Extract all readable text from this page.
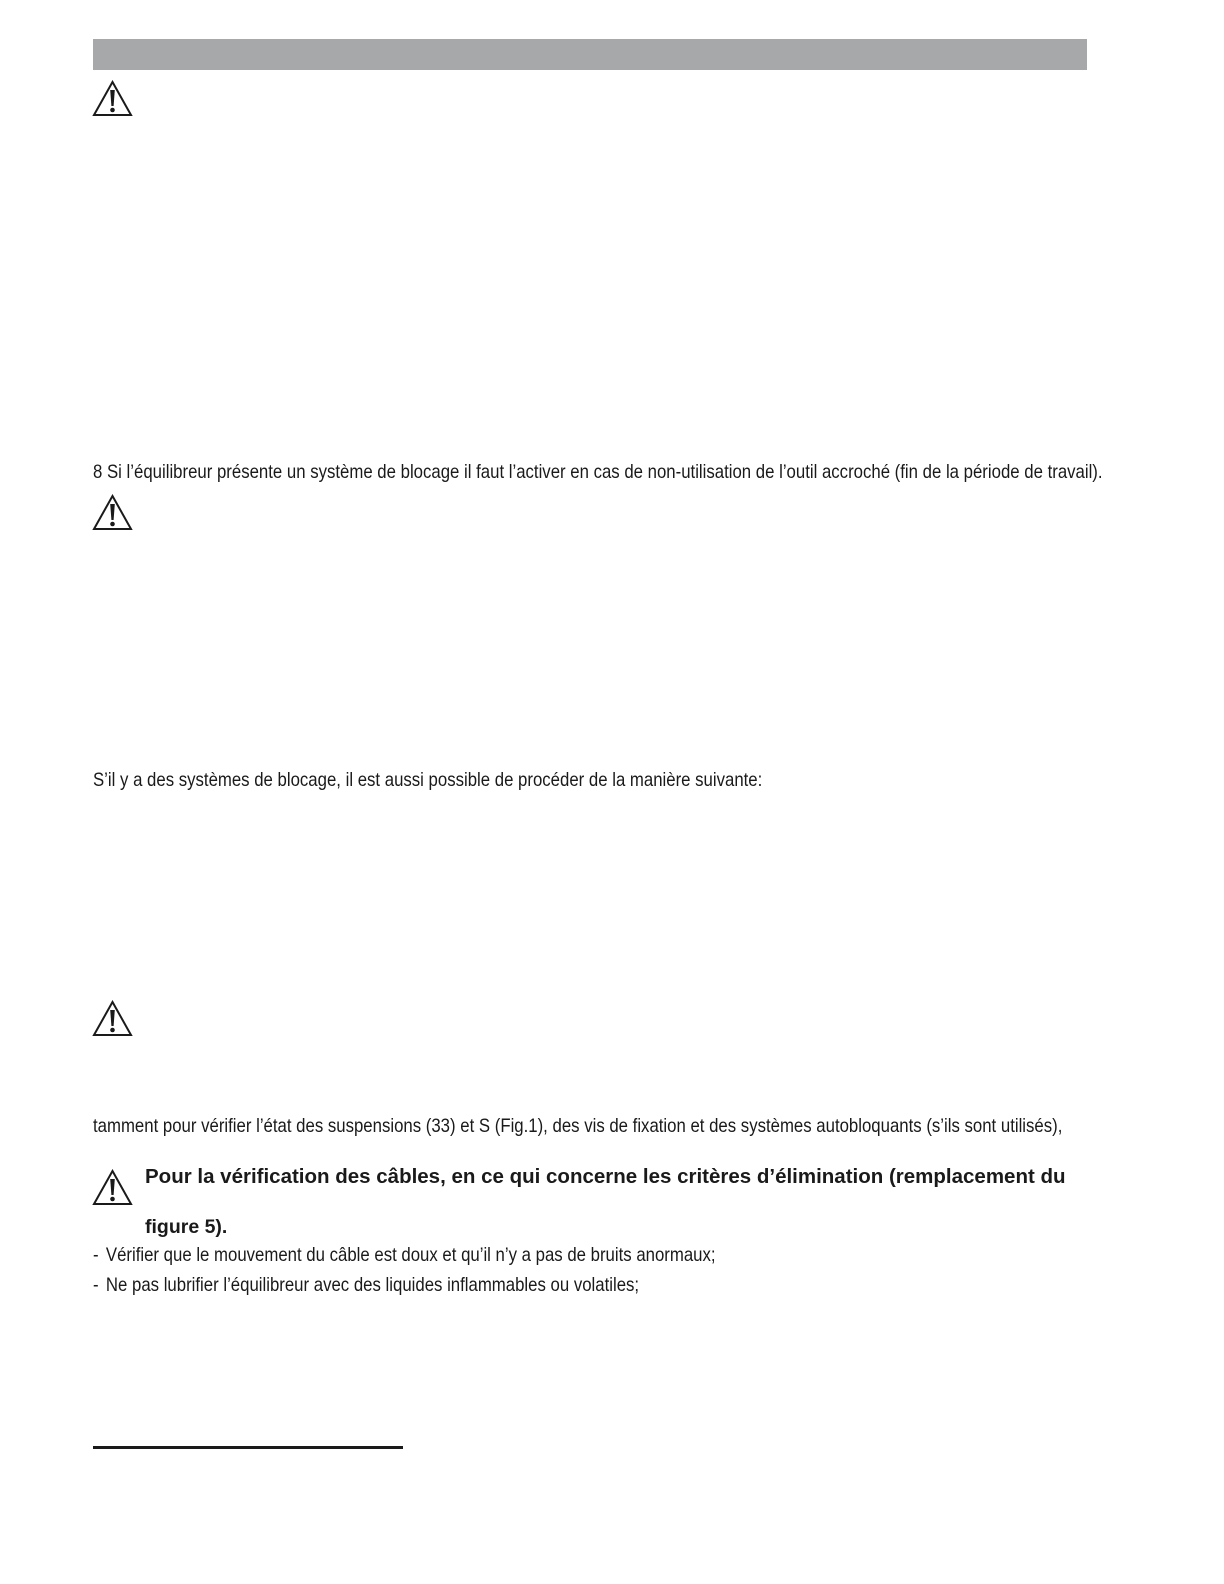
8 Si l’équilibreur présente un système de blocage il faut l’activer en cas de non-utilisation de l’outil accroché (fin de la période de travail).
S’il y a des systèmes de blocage, il est aussi possible de procéder de la manière suivante:
tamment pour vérifier l’état des suspensions (33) et S (Fig.1), des vis de fixation et des systèmes autobloquants (s’ils sont utilisés),
Pour la vérification des câbles, en ce qui concerne les critères d’élimination (remplacement du
figure 5).
- Vérifier que le mouvement du câble est doux et qu’il n’y a pas de bruits anormaux;
- Ne pas lubrifier l’équilibreur avec des liquides inflammables ou volatiles;
